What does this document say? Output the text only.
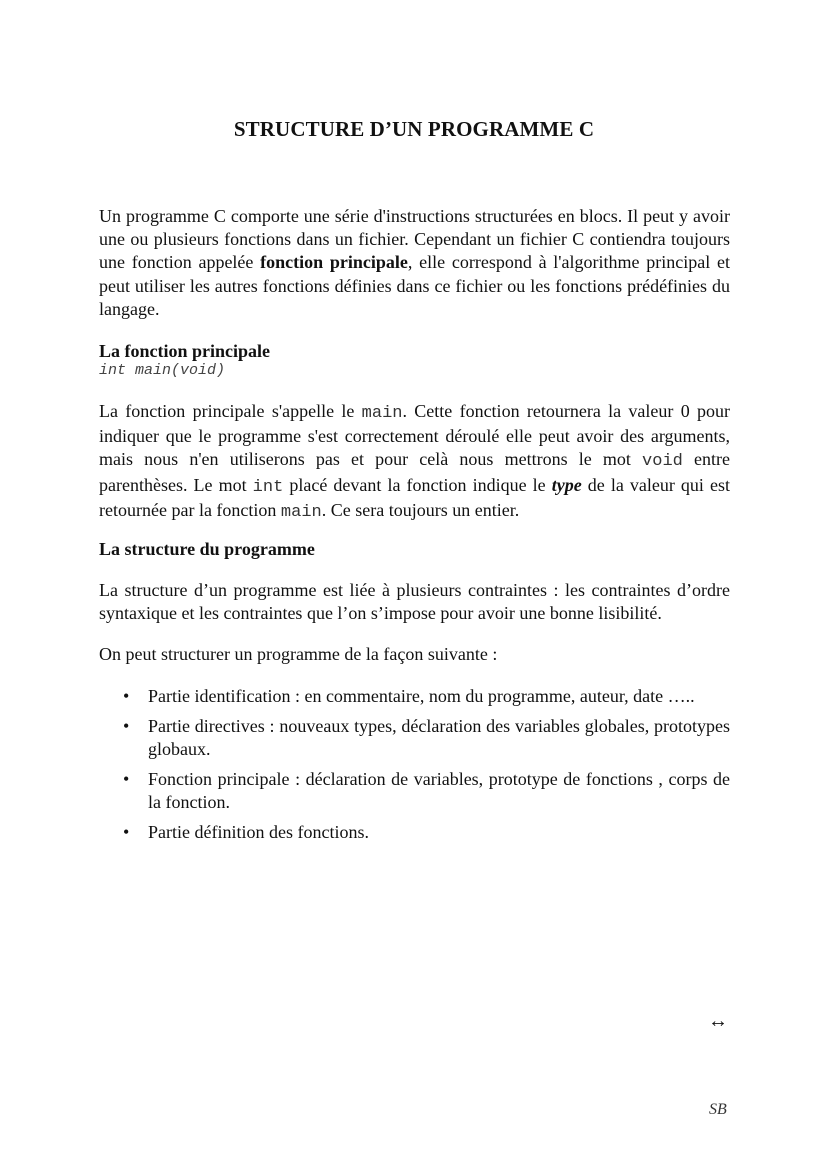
STRUCTURE D’UN PROGRAMME C

Un programme C comporte une série d'instructions structurées en blocs. Il peut y avoir une ou plusieurs fonctions dans un fichier. Cependant un fichier C contiendra toujours une fonction appelée fonction principale, elle correspond à l'algorithme principal et peut utiliser les autres fonctions définies dans ce fichier ou les fonctions prédéfinies du langage.

La fonction principale

int main(void)

La fonction principale s'appelle le main. Cette fonction retournera la valeur 0 pour indiquer que le programme s'est correctement déroulé elle peut avoir des arguments, mais nous n'en utiliserons pas et pour celà nous mettrons le mot void entre parenthèses. Le mot int placé devant la fonction indique le type de la valeur qui est retournée par la fonction main. Ce sera toujours un entier.

La structure du programme

La structure d’un programme est liée à plusieurs contraintes : les contraintes d’ordre syntaxique et les contraintes que l’on s’impose pour avoir une bonne lisibilité.

On peut structurer un programme de la façon suivante :

• Partie identification : en commentaire, nom du programme, auteur, date …..
• Partie directives : nouveaux types, déclaration des variables globales, prototypes globaux.
• Fonction principale : déclaration de variables, prototype de fonctions , corps de la fonction.
• Partie définition des fonctions.
↔
SB
